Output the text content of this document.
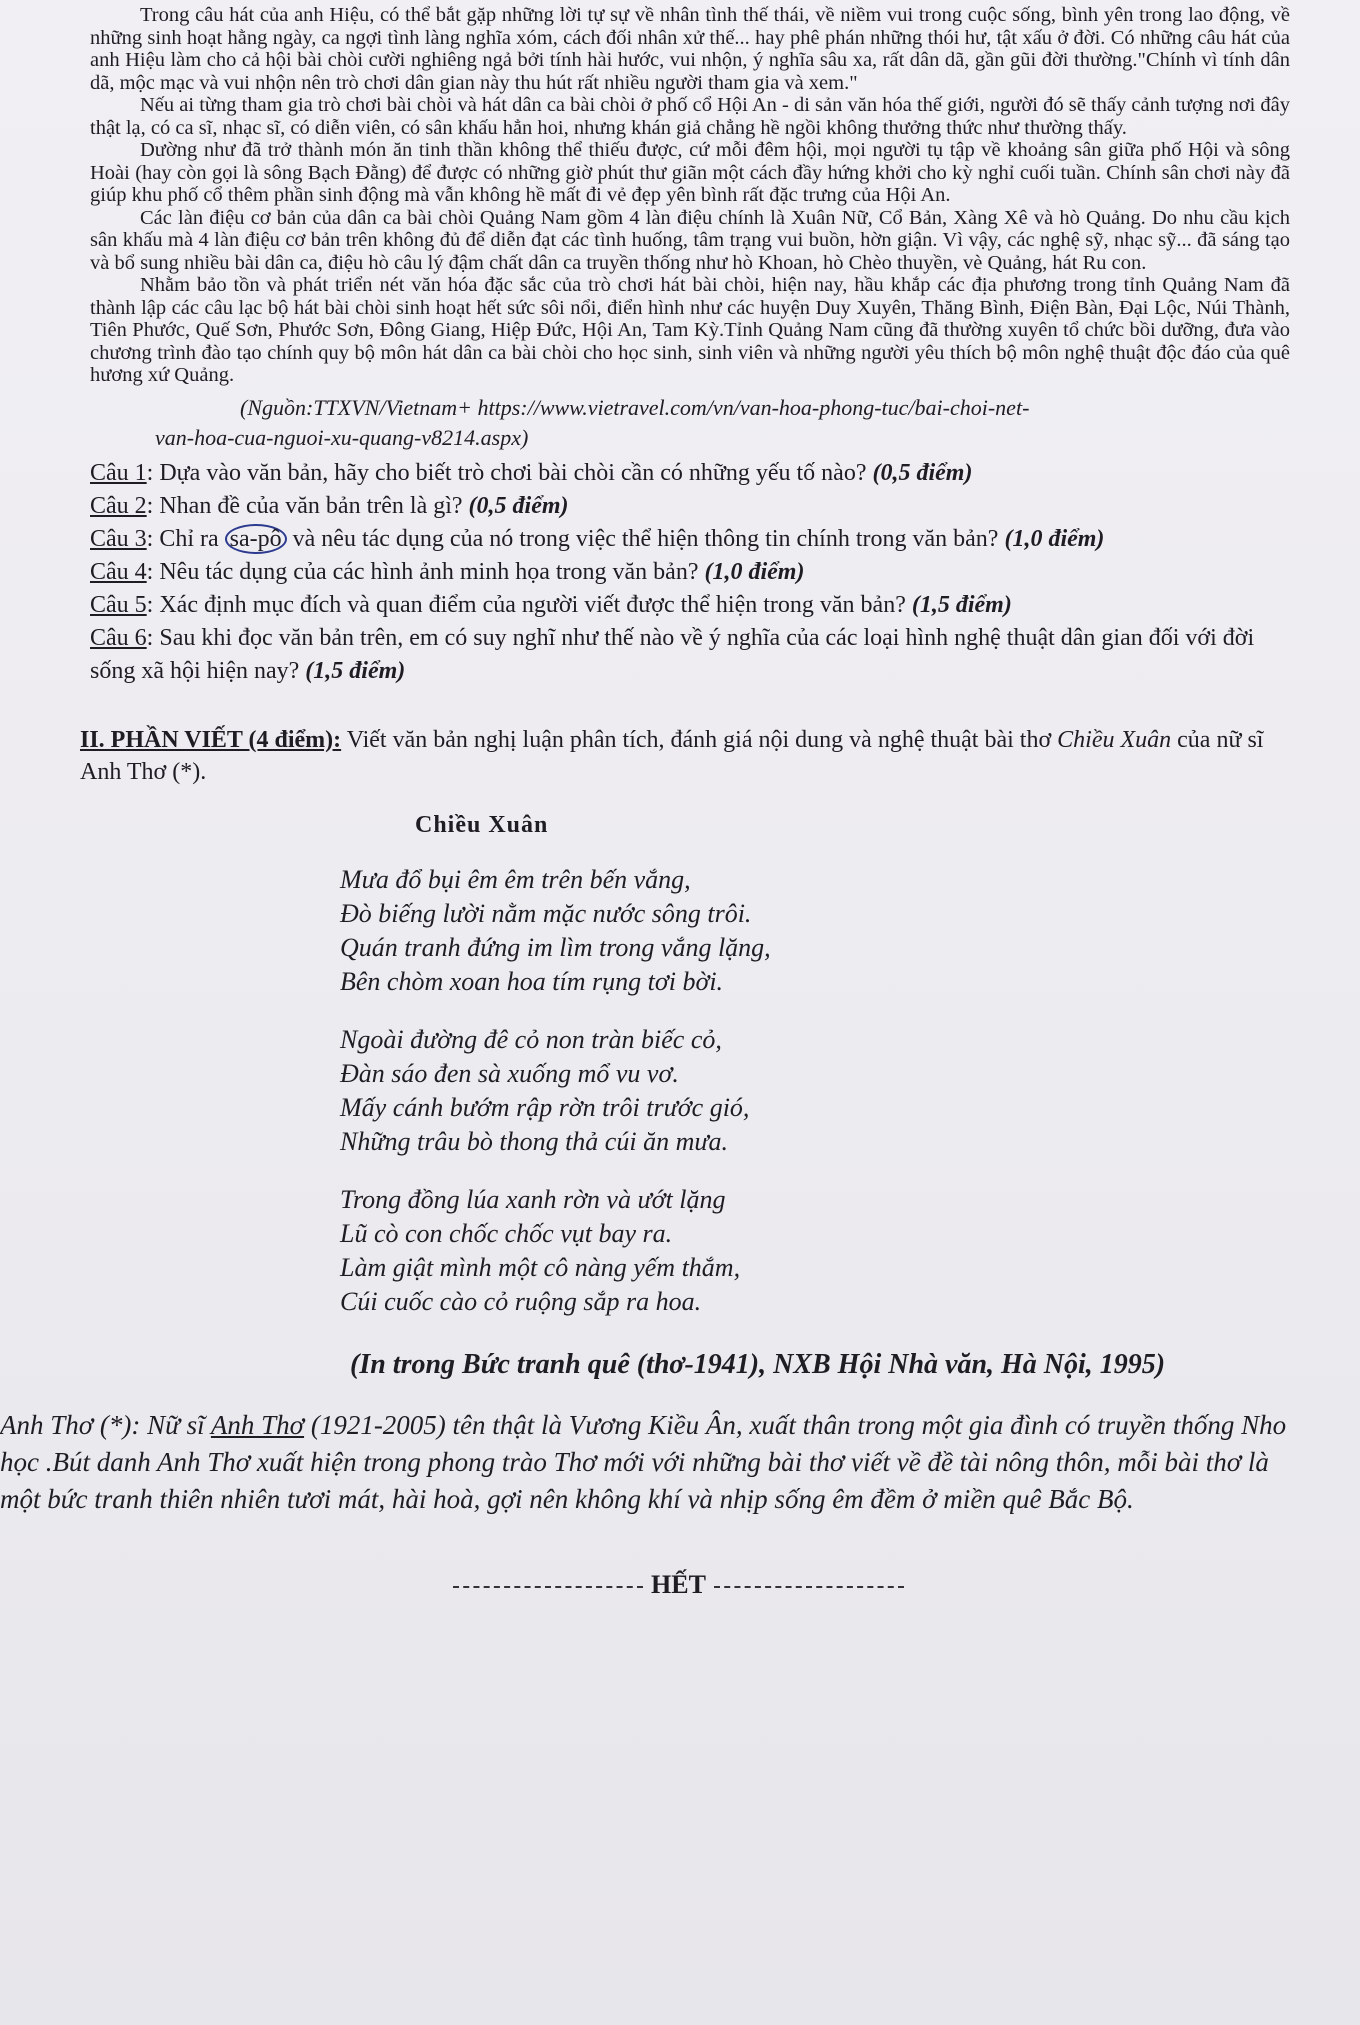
Trong câu hát của anh Hiệu, có thể bắt gặp những lời tự sự về nhân tình thế thái, về niềm vui trong cuộc sống, bình yên trong lao động, về những sinh hoạt hằng ngày, ca ngợi tình làng nghĩa xóm, cách đối nhân xử thế... hay phê phán những thói hư, tật xấu ở đời. Có những câu hát của anh Hiệu làm cho cả hội bài chòi cười nghiêng ngả bởi tính hài hước, vui nhộn, ý nghĩa sâu xa, rất dân dã, gần gũi đời thường."Chính vì tính dân dã, mộc mạc và vui nhộn nên trò chơi dân gian này thu hút rất nhiều người tham gia và xem."

Nếu ai từng tham gia trò chơi bài chòi và hát dân ca bài chòi ở phố cổ Hội An - di sản văn hóa thế giới, người đó sẽ thấy cảnh tượng nơi đây thật lạ, có ca sĩ, nhạc sĩ, có diễn viên, có sân khấu hẳn hoi, nhưng khán giả chẳng hề ngồi không thưởng thức như thường thấy.

Dường như đã trở thành món ăn tinh thần không thể thiếu được, cứ mỗi đêm hội, mọi người tụ tập về khoảng sân giữa phố Hội và sông Hoài (hay còn gọi là sông Bạch Đằng) để được có những giờ phút thư giãn một cách đầy hứng khởi cho kỳ nghỉ cuối tuần. Chính sân chơi này đã giúp khu phố cổ thêm phần sinh động mà vẫn không hề mất đi vẻ đẹp yên bình rất đặc trưng của Hội An.

Các làn điệu cơ bản của dân ca bài chòi Quảng Nam gồm 4 làn điệu chính là Xuân Nữ, Cổ Bản, Xàng Xê và hò Quảng. Do nhu cầu kịch sân khấu mà 4 làn điệu cơ bản trên không đủ để diễn đạt các tình huống, tâm trạng vui buồn, hờn giận. Vì vậy, các nghệ sỹ, nhạc sỹ... đã sáng tạo và bổ sung nhiều bài dân ca, điệu hò câu lý đậm chất dân ca truyền thống như hò Khoan, hò Chèo thuyền, vè Quảng, hát Ru con.

Nhằm bảo tồn và phát triển nét văn hóa đặc sắc của trò chơi hát bài chòi, hiện nay, hầu khắp các địa phương trong tỉnh Quảng Nam đã thành lập các câu lạc bộ hát bài chòi sinh hoạt hết sức sôi nổi, điển hình như các huyện Duy Xuyên, Thăng Bình, Điện Bàn, Đại Lộc, Núi Thành, Tiên Phước, Quế Sơn, Phước Sơn, Đông Giang, Hiệp Đức, Hội An, Tam Kỳ.Tỉnh Quảng Nam cũng đã thường xuyên tổ chức bồi dưỡng, đưa vào chương trình đào tạo chính quy bộ môn hát dân ca bài chòi cho học sinh, sinh viên và những người yêu thích bộ môn nghệ thuật độc đáo của quê hương xứ Quảng.

(Nguồn:TTXVN/Vietnam+ https://www.vietravel.com/vn/van-hoa-phong-tuc/bai-choi-net-
van-hoa-cua-nguoi-xu-quang-v8214.aspx)

Câu 1: Dựa vào văn bản, hãy cho biết trò chơi bài chòi cần có những yếu tố nào? (0,5 điểm)

Câu 2: Nhan đề của văn bản trên là gì? (0,5 điểm)

Câu 3: Chỉ ra sa-pô và nêu tác dụng của nó trong việc thể hiện thông tin chính trong văn bản? (1,0 điểm)

Câu 4: Nêu tác dụng của các hình ảnh minh họa trong văn bản? (1,0 điểm)

Câu 5: Xác định mục đích và quan điểm của người viết được thể hiện trong văn bản? (1,5 điểm)

Câu 6: Sau khi đọc văn bản trên, em có suy nghĩ như thế nào về ý nghĩa của các loại hình nghệ thuật dân gian đối với đời sống xã hội hiện nay? (1,5 điểm)

II. PHẦN VIẾT (4 điểm): Viết văn bản nghị luận phân tích, đánh giá nội dung và nghệ thuật bài thơ Chiều Xuân của nữ sĩ Anh Thơ (*).

Chiều Xuân

Mưa đổ bụi êm êm trên bến vắng,

Đò biếng lười nằm mặc nước sông trôi.

Quán tranh đứng im lìm trong vắng lặng,

Bên chòm xoan hoa tím rụng tơi bời.

Ngoài đường đê cỏ non tràn biếc cỏ,

Đàn sáo đen sà xuống mổ vu vơ.

Mấy cánh bướm rập rờn trôi trước gió,

Những trâu bò thong thả cúi ăn mưa.

Trong đồng lúa xanh rờn và ướt lặng

Lũ cò con chốc chốc vụt bay ra.

Làm giật mình một cô nàng yếm thắm,

Cúi cuốc cào cỏ ruộng sắp ra hoa.

(In trong Bức tranh quê (thơ-1941), NXB Hội Nhà văn, Hà Nội, 1995)

Anh Thơ (*): Nữ sĩ Anh Thơ (1921-2005) tên thật là Vương Kiều Ân, xuất thân trong một gia đình có truyền thống Nho học .Bút danh Anh Thơ xuất hiện trong phong trào Thơ mới với những bài thơ viết về đề tài nông thôn, mỗi bài thơ là một bức tranh thiên nhiên tươi mát, hài hoà, gợi nên không khí và nhịp sống êm đềm ở miền quê Bắc Bộ.

HẾT
